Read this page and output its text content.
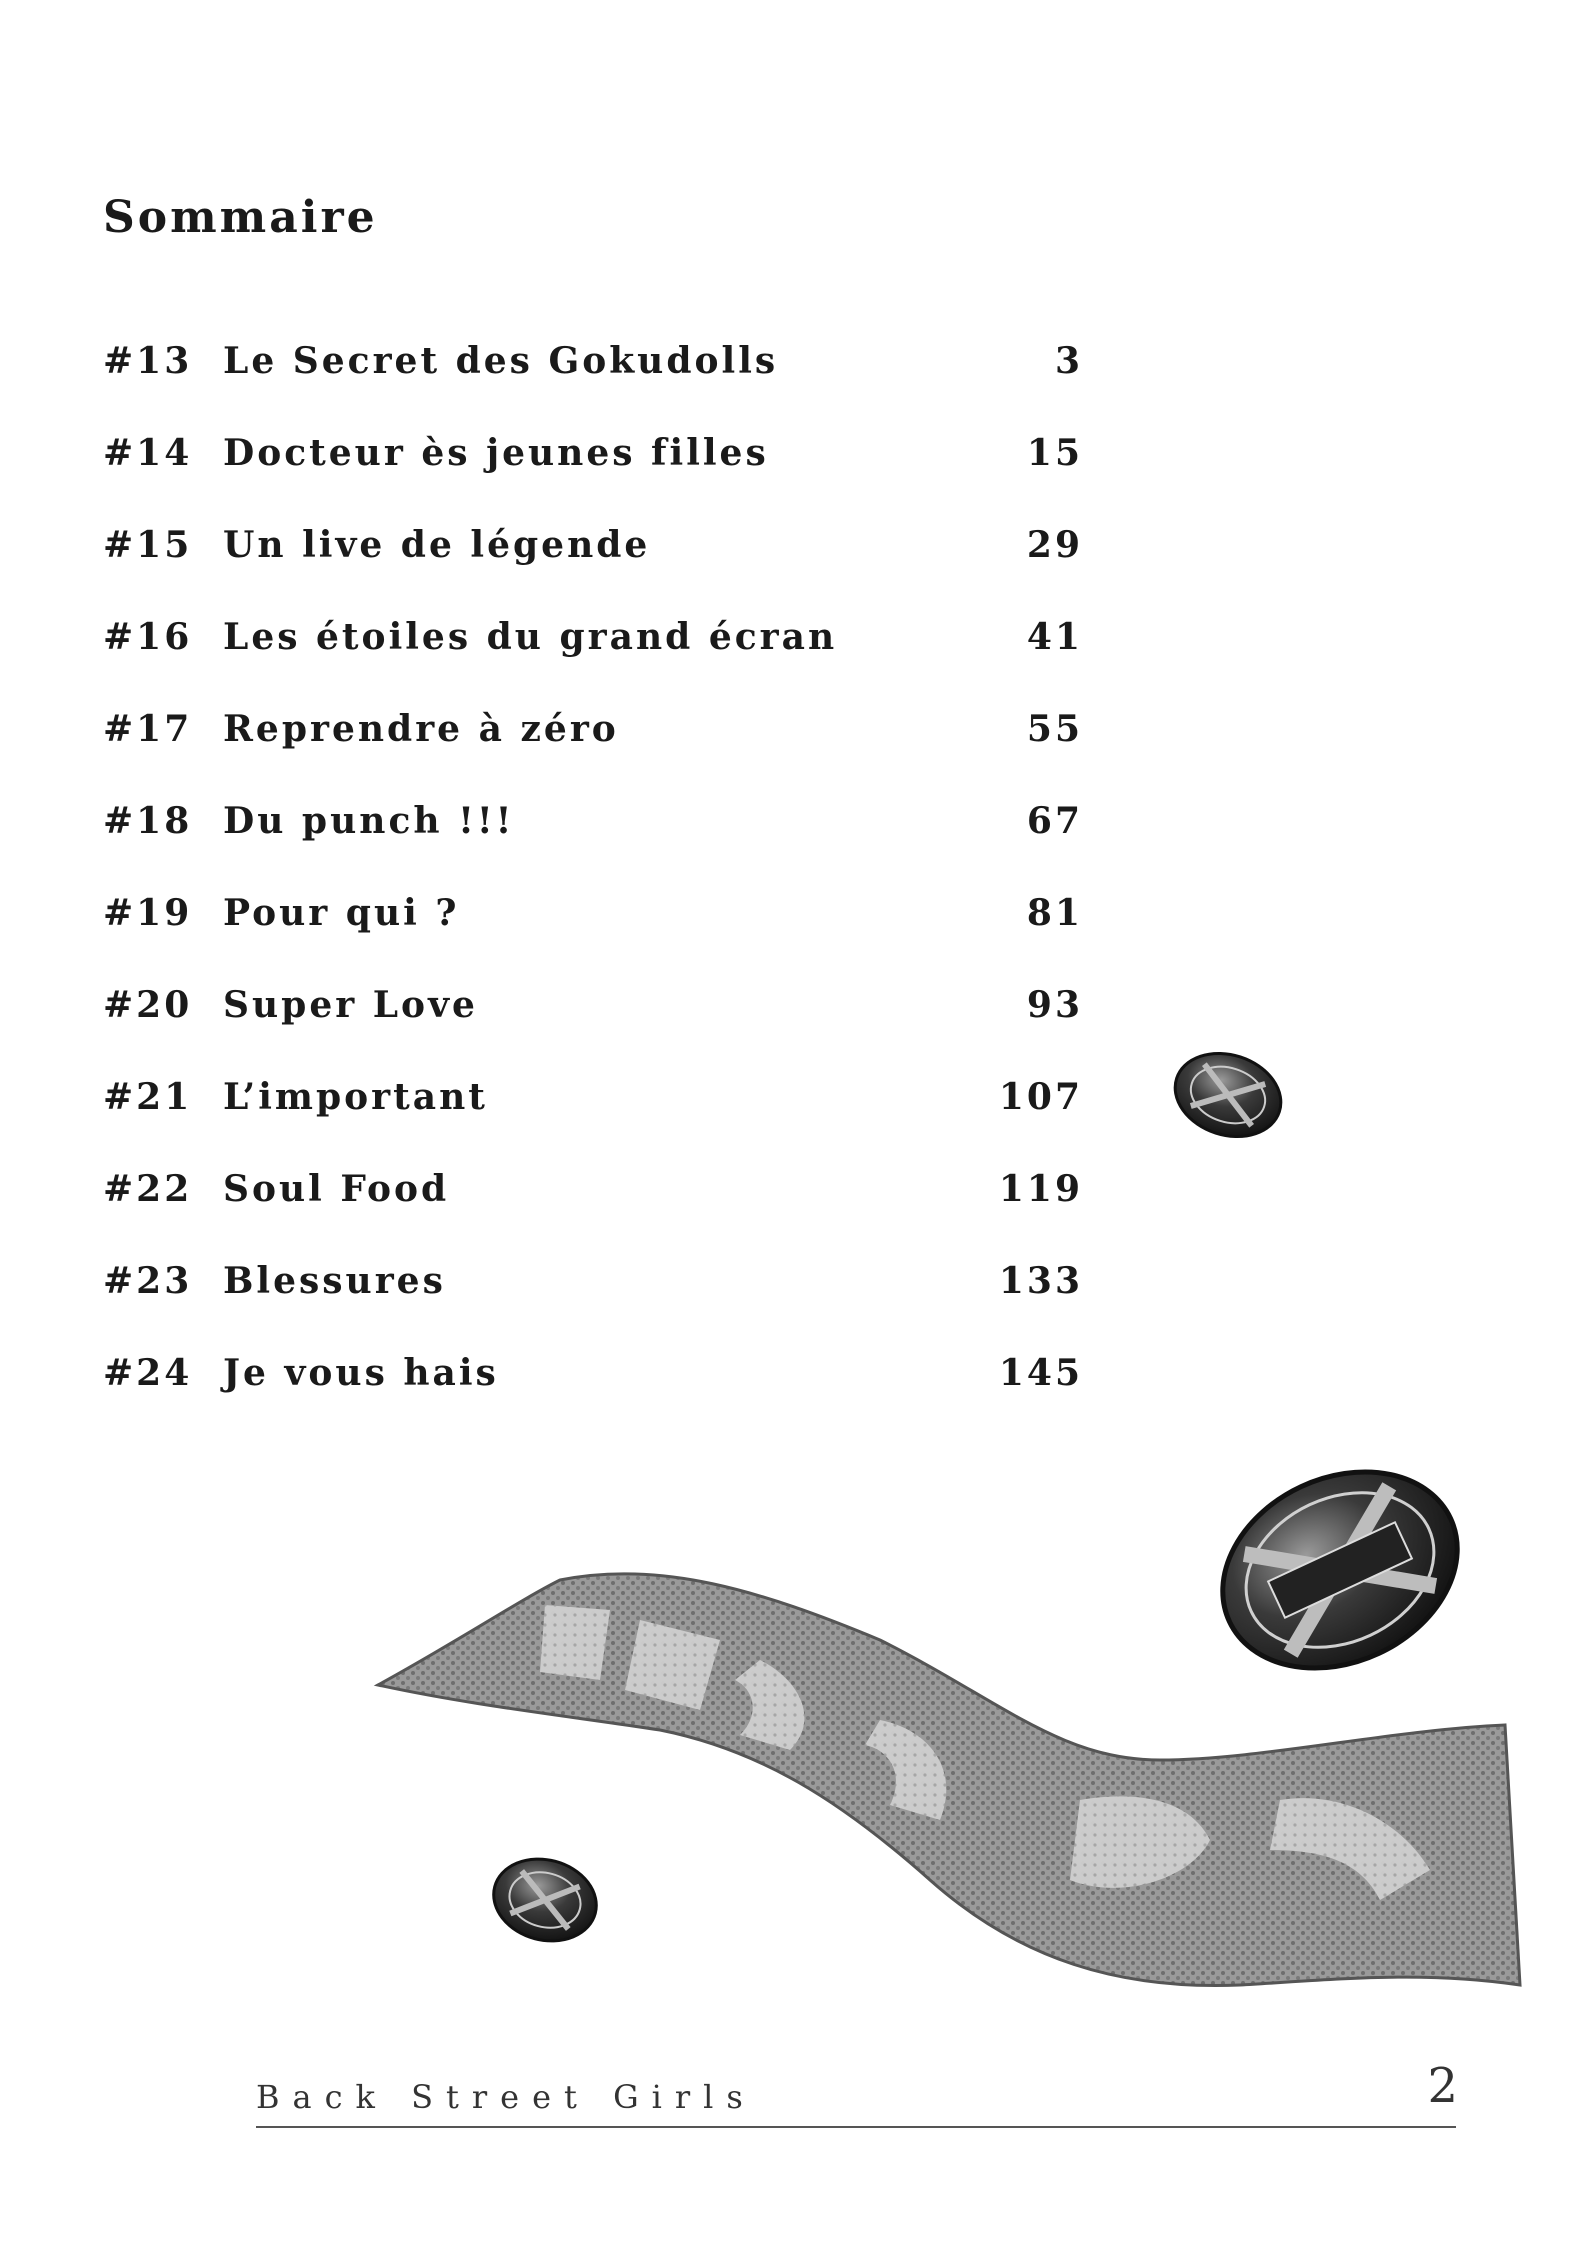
Sommaire
#13 Le Secret des Gokudolls	3
#14 Docteur ès jeunes filles	15
#15 Un live de légende	29
#16 Les étoiles du grand écran	41
#17 Reprendre à zéro	55
#18 Du punch !!!	67
#19 Pour qui ?	81
#20 Super Love	93
#21 L’important	107
#22 Soul Food	119
#23 Blessures	133
#24 Je vous hais	145
Back Street Girls	2
